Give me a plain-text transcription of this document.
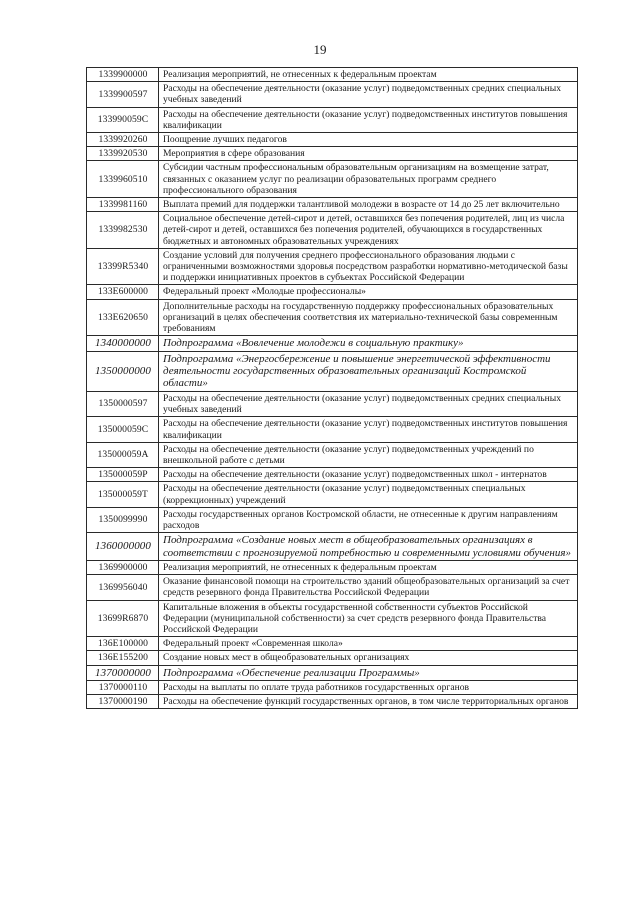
19
1339900000	Реализация мероприятий, не отнесенных к федеральным проектам
1339900597	Расходы на обеспечение деятельности (оказание услуг) подведомственных средних специальных учебных заведений
133990059С	Расходы на обеспечение деятельности (оказание услуг) подведомственных институтов повышения квалификации
1339920260	Поощрение лучших педагогов
1339920530	Мероприятия в сфере образования
1339960510	Субсидии частным профессиональным образовательным организациям на возмещение затрат, связанных с оказанием услуг по реализации образовательных программ среднего профессионального образования
1339981160	Выплата премий для поддержки талантливой молодежи в возрасте от 14 до 25 лет включительно
1339982530	Социальное обеспечение детей-сирот и детей, оставшихся без попечения родителей, лиц из числа детей-сирот и детей, оставшихся без попечения родителей, обучающихся в государственных бюджетных и автономных образовательных учреждениях
13399R5340	Создание условий для получения среднего профессионального образования людьми с ограниченными возможностями здоровья посредством разработки нормативно-методической базы и поддержки инициативных проектов в субъектах Российской Федерации
133E600000	Федеральный проект «Молодые профессионалы»
133E620650	Дополнительные расходы на государственную поддержку профессиональных образовательных организаций в целях обеспечения соответствия их материально-технической базы современным требованиям
1340000000	Подпрограмма «Вовлечение молодежи в социальную практику»
1350000000	Подпрограмма «Энергосбережение и повышение энергетической эффективности деятельности государственных образовательных организаций Костромской области»
1350000597	Расходы на обеспечение деятельности (оказание услуг) подведомственных средних специальных учебных заведений
135000059С	Расходы на обеспечение деятельности (оказание услуг) подведомственных институтов повышения квалификации
135000059А	Расходы на обеспечение деятельности (оказание услуг) подведомственных учреждений по внешкольной работе с детьми
135000059Р	Расходы на обеспечение деятельности (оказание услуг) подведомственных школ - интернатов
135000059Т	Расходы на обеспечение деятельности (оказание услуг) подведомственных специальных (коррекционных) учреждений
1350099990	Расходы государственных органов Костромской области, не отнесенные к другим направлениям расходов
1360000000	Подпрограмма «Создание новых мест в общеобразовательных организациях в соответствии с прогнозируемой потребностью и современными условиями обучения»
1369900000	Реализация мероприятий, не отнесенных к федеральным проектам
1369956040	Оказание финансовой помощи на строительство зданий общеобразовательных организаций за счет средств резервного фонда Правительства Российской Федерации
13699R6870	Капитальные вложения в объекты государственной собственности субъектов Российской Федерации (муниципальной собственности) за счет средств резервного фонда Правительства Российской Федерации
136Е100000	Федеральный проект «Современная школа»
136Е155200	Создание новых мест в общеобразовательных организациях
1370000000	Подпрограмма «Обеспечение реализации Программы»
1370000110	Расходы на выплаты по оплате труда работников государственных органов
1370000190	Расходы на обеспечение функций государственных органов, в том числе территориальных органов
